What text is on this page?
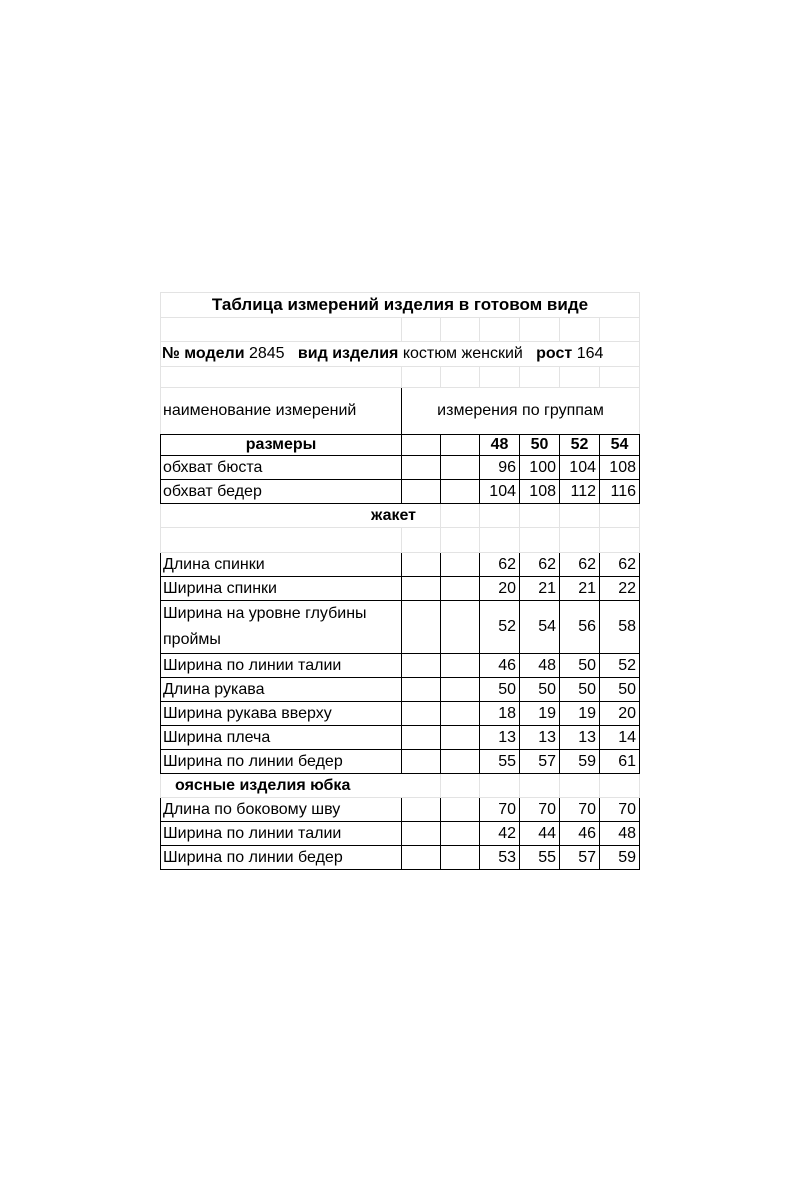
Таблица измерений изделия в готовом виде						

№ модели 2845 вид изделия костюм женский рост 164						

наименование измерений	измерения по группам					
размеры			48	50	52	54
обхват бюста			96	100	104	108
обхват бедер			104	108	112	116
жакет						

Длина спинки			62	62	62	62
Ширина спинки			20	21	21	22
Ширина на уровне глубины проймы			52	54	56	58
Ширина по линии талии			46	48	50	52
Длина рукава			50	50	50	50
Ширина рукава вверху			18	19	19	20
Ширина плеча			13	13	13	14
Ширина по линии бедер			55	57	59	61
оясные изделия юбка						
Длина по боковому шву			70	70	70	70
Ширина по линии талии			42	44	46	48
Ширина по линии бедер			53	55	57	59
